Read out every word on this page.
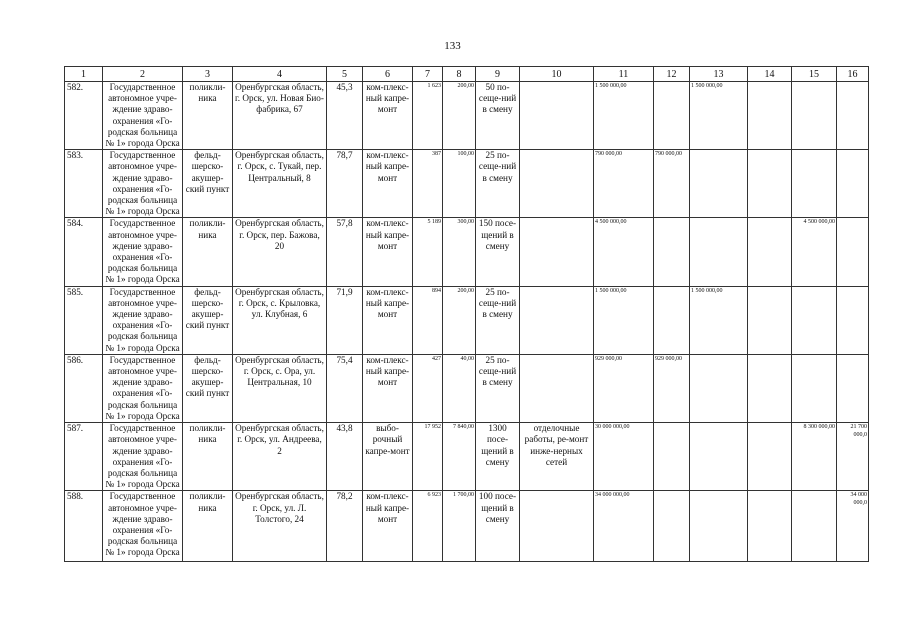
133
1	2	3	4	5	6	7	8	9	10	11	12	13	14	15	16
582.	Государственное автономное учре-ждение здраво-охранения «Го-родская больница № 1» города Орска	поликли-ника	Оренбургская область, г. Орск, ул. Новая Био-фабрика, 67	45,3	ком-плекс-ный капре-монт	1 623	200,00	50 по-сеще-ний в смену		1 500 000,00		1 500 000,00			
583.	Государственное автономное учре-ждение здраво-охранения «Го-родская больница № 1» города Орска	фельд-шерско-акушер-ский пункт	Оренбургская область, г. Орск, с. Тукай, пер. Центральный, 8	78,7	ком-плекс-ный капре-монт	387	100,00	25 по-сеще-ний в смену		790 000,00	790 000,00				
584.	Государственное автономное учре-ждение здраво-охранения «Го-родская больница № 1» города Орска	поликли-ника	Оренбургская область, г. Орск, пер. Бажова, 20	57,8	ком-плекс-ный капре-монт	5 189	300,00	150 посе-щений в смену		4 500 000,00				4 500 000,00	
585.	Государственное автономное учре-ждение здраво-охранения «Го-родская больница № 1» города Орска	фельд-шерско-акушер-ский пункт	Оренбургская область, г. Орск, с. Крыловка, ул. Клубная, 6	71,9	ком-плекс-ный капре-монт	894	200,00	25 по-сеще-ний в смену		1 500 000,00		1 500 000,00			
586.	Государственное автономное учре-ждение здраво-охранения «Го-родская больница № 1» города Орска	фельд-шерско-акушер-ский пункт	Оренбургская область, г. Орск, с. Ора, ул. Центральная, 10	75,4	ком-плекс-ный капре-монт	427	40,00	25 по-сеще-ний в смену		929 000,00	929 000,00				
587.	Государственное автономное учре-ждение здраво-охранения «Го-родская больница № 1» города Орска	поликли-ника	Оренбургская область, г. Орск, ул. Андреева, 2	43,8	выбо-рочный капре-монт	17 952	7 840,00	1300 посе-щений в смену	отделочные работы, ре-монт инже-нерных сетей	30 000 000,00				8 300 000,00	21 700 000,0
588.	Государственное автономное учре-ждение здраво-охранения «Го-родская больница № 1» города Орска	поликли-ника	Оренбургская область, г. Орск, ул. Л. Толстого, 24	78,2	ком-плекс-ный капре-монт	6 923	1 700,00	100 посе-щений в смену		34 000 000,00					34 000 000,0
